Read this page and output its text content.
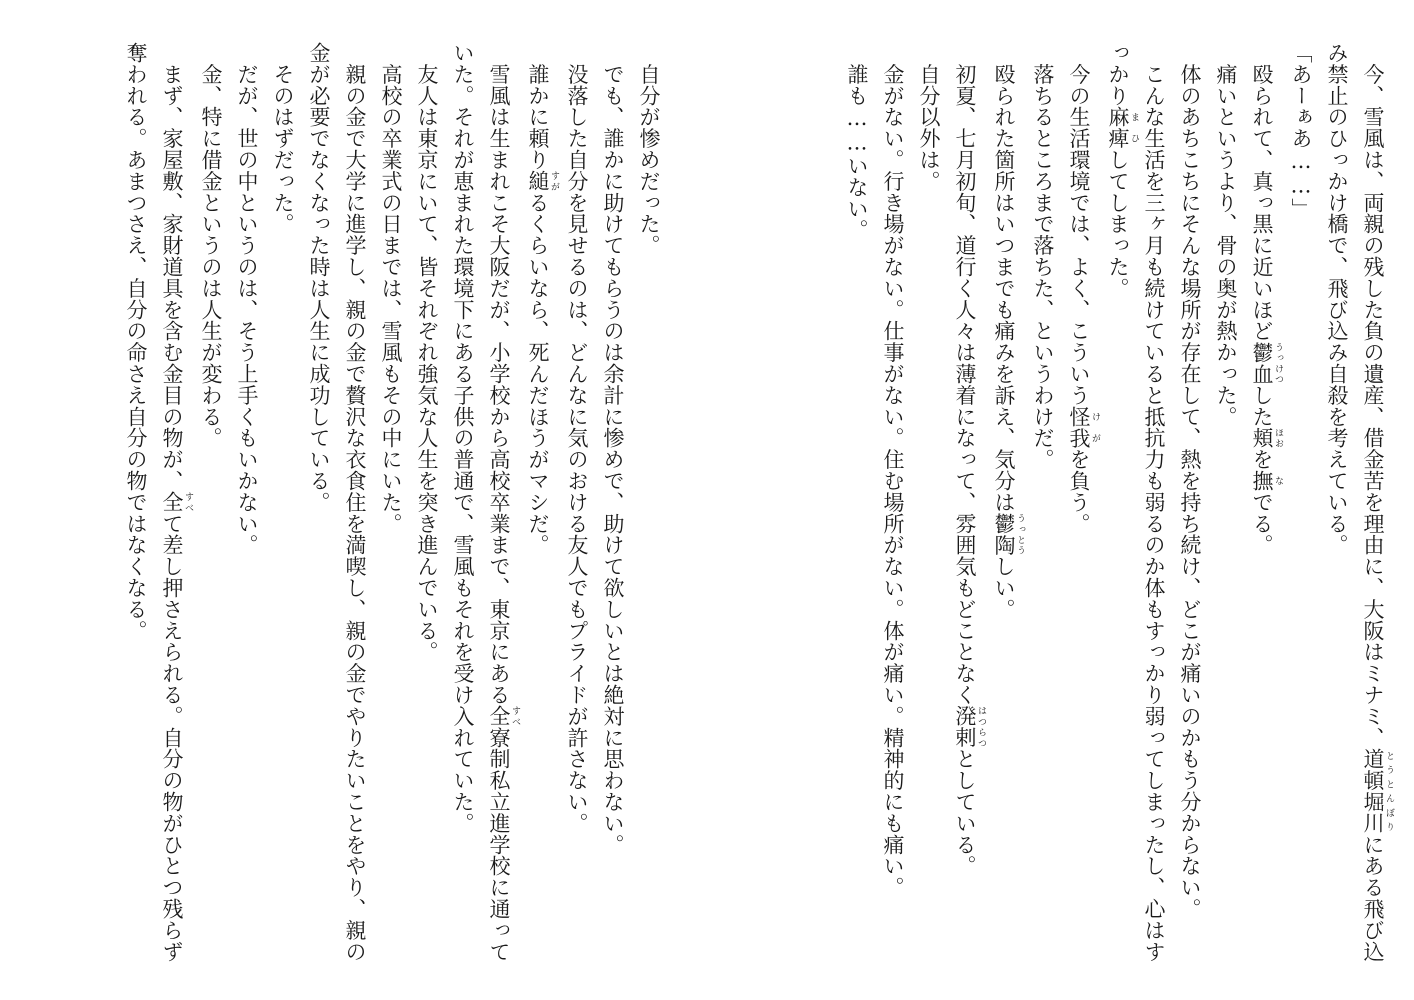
今、雪風は、両親の残した負の遺産、借金苦を理由に、大阪はミナミ、道頓堀川 とうとんぼりにある飛び込み禁止のひっかけ橋で、飛び込み自殺を考えている。
「あーぁあ……」
殴られて、真っ黒に近いほど鬱血 うっけつした頬 ほおを撫 なでる。
痛いというより、骨の奥が熱かった。
体のあちこちにそんな場所が存在して、熱を持ち続け、どこが痛いのかもう分からない。
こんな生活を三ヶ月も続けていると抵抗力も弱るのか体もすっかり弱ってしまったし、心はすっかり麻痺 まひしてしまった。
今の生活環境では、よく、こういう怪我 けがを負う。
落ちるところまで落ちた、というわけだ。
殴られた箇所はいつまでも痛みを訴え、気分は鬱陶 うっとうしい。
初夏、七月初旬、道行く人々は薄着になって、雰囲気もどことなく溌剌 はつらつとしている。
自分以外は。
金がない。行き場がない。仕事がない。住む場所がない。体が痛い。精神的にも痛い。
誰も……いない。
自分が惨めだった。
でも、誰かに助けてもらうのは余計に惨めで、助けて欲しいとは絶対に思わない。
没落した自分を見せるのは、どんなに気のおける友人でもプライドが許さない。
誰かに頼り縋 すがるくらいなら、死んだほうがマシだ。
雪風は生まれこそ大阪だが、小学校から高校卒業まで、東京にある全 すべ寮制私立進学校に通っていた。それが恵まれた環境下にある子供の普通で、雪風もそれを受け入れていた。
友人は東京にいて、皆それぞれ強気な人生を突き進んでいる。
高校の卒業式の日までは、雪風もその中にいた。
親の金で大学に進学し、親の金で贅沢な衣食住を満喫し、親の金でやりたいことをやり、親の金が必要でなくなった時は人生に成功している。
そのはずだった。
だが、世の中というのは、そう上手くもいかない。
金、特に借金というのは人生が変わる。
まず、家屋敷、家財道具を含む金目の物が、全 すべて差し押さえられる。自分の物がひとつ残らず奪われる。あまつさえ、自分の命さえ自分の物ではなくなる。
